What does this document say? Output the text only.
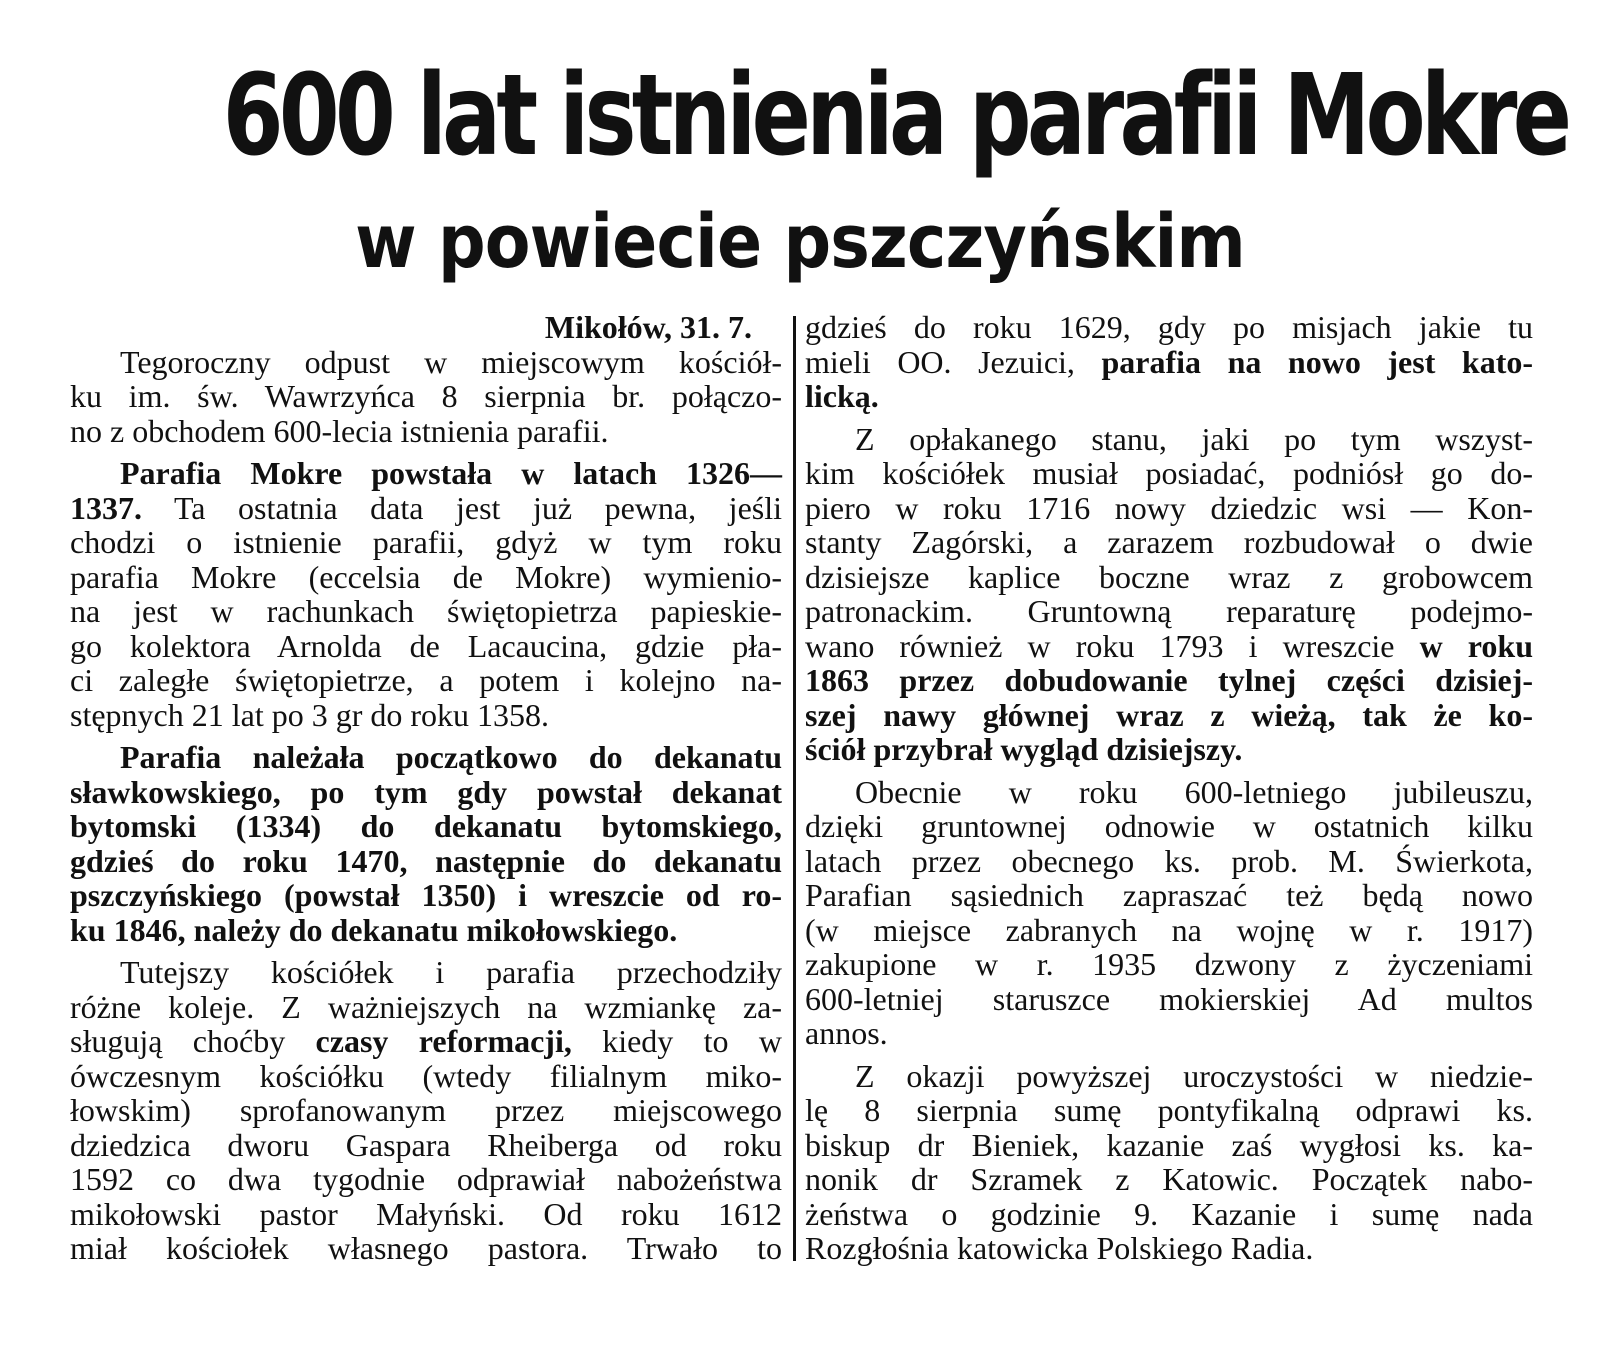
600 lat istnienia parafii Mokre
w powiecie pszczyńskim
Mikołów, 31. 7.
Tegoroczny odpust w miejscowym kościół-
ku im. św. Wawrzyńca 8 sierpnia br. połączo-
no z obchodem 600-lecia istnienia parafii.
Parafia Mokre powstała w latach 1326—
1337. Ta ostatnia data jest już pewna, jeśli
chodzi o istnienie parafii, gdyż w tym roku
parafia Mokre (eccelsia de Mokre) wymienio-
na jest w rachunkach świętopietrza papieskie-
go kolektora Arnolda de Lacaucina, gdzie pła-
ci zaległe świętopietrze, a potem i kolejno na-
stępnych 21 lat po 3 gr do roku 1358.
Parafia należała początkowo do dekanatu
sławkowskiego, po tym gdy powstał dekanat
bytomski (1334) do dekanatu bytomskiego,
gdzieś do roku 1470, następnie do dekanatu
pszczyńskiego (powstał 1350) i wreszcie od ro-
ku 1846, należy do dekanatu mikołowskiego.
Tutejszy kościółek i parafia przechodziły
różne koleje. Z ważniejszych na wzmiankę za-
sługują choćby czasy reformacji, kiedy to w
ówczesnym kościółku (wtedy filialnym miko-
łowskim) sprofanowanym przez miejscowego
dziedzica dworu Gaspara Rheiberga od roku
1592 co dwa tygodnie odprawiał nabożeństwa
mikołowski pastor Małyński. Od roku 1612
miał kościołek własnego pastora. Trwało to
gdzieś do roku 1629, gdy po misjach jakie tu
mieli OO. Jezuici, parafia na nowo jest kato-
licką.
Z opłakanego stanu, jaki po tym wszyst-
kim kościółek musiał posiadać, podniósł go do-
piero w roku 1716 nowy dziedzic wsi — Kon-
stanty Zagórski, a zarazem rozbudował o dwie
dzisiejsze kaplice boczne wraz z grobowcem
patronackim. Gruntowną reparaturę podejmo-
wano również w roku 1793 i wreszcie w roku
1863 przez dobudowanie tylnej części dzisiej-
szej nawy głównej wraz z wieżą, tak że ko-
ściół przybrał wygląd dzisiejszy.
Obecnie w roku 600-letniego jubileuszu,
dzięki gruntownej odnowie w ostatnich kilku
latach przez obecnego ks. prob. M. Świerkota,
Parafian sąsiednich zapraszać też będą nowo
(w miejsce zabranych na wojnę w r. 1917)
zakupione w r. 1935 dzwony z życzeniami
600-letniej staruszce mokierskiej Ad multos
annos.
Z okazji powyższej uroczystości w niedzie-
lę 8 sierpnia sumę pontyfikalną odprawi ks.
biskup dr Bieniek, kazanie zaś wygłosi ks. ka-
nonik dr Szramek z Katowic. Początek nabo-
żeństwa o godzinie 9. Kazanie i sumę nada
Rozgłośnia katowicka Polskiego Radia.
